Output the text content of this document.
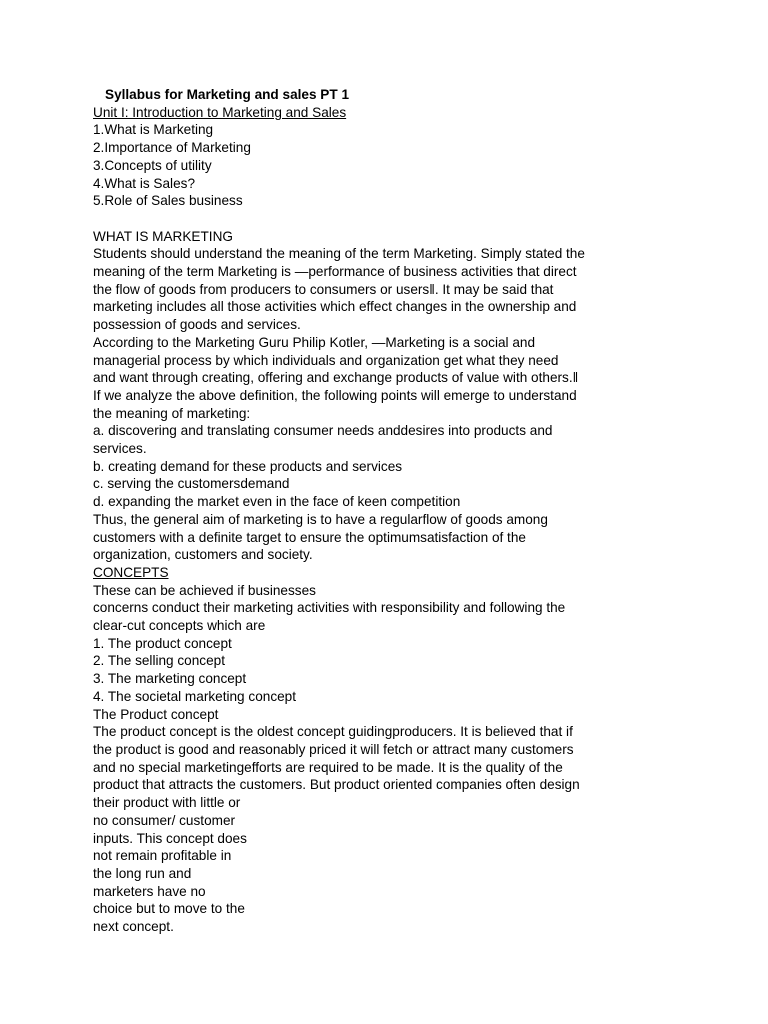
Syllabus for Marketing and sales PT 1

Unit I: Introduction to Marketing and Sales

1.What is Marketing

2.Importance of Marketing

3.Concepts of utility

4.What is Sales?

5.Role of Sales business

WHAT IS MARKETING

Students should understand the meaning of the term Marketing. Simply stated the

meaning of the term Marketing is ―performance of business activities that direct

the flow of goods from producers to consumers or users‖. It may be said that

marketing includes all those activities which effect changes in the ownership and

possession of goods and services.

According to the Marketing Guru Philip Kotler, ―Marketing is a social and

managerial process by which individuals and organization get what they need

and want through creating, offering and exchange products of value with others.‖

If we analyze the above definition, the following points will emerge to understand

the meaning of marketing:

a. discovering and translating consumer needs anddesires into products and

services.

b. creating demand for these products and services

c. serving the customersdemand

d. expanding the market even in the face of keen competition

Thus, the general aim of marketing is to have a regularflow of goods among

customers with a definite target to ensure the optimumsatisfaction of the

organization, customers and society.

CONCEPTS

These can be achieved if businesses

concerns conduct their marketing activities with responsibility and following the

clear-cut concepts which are

1. The product concept

2. The selling concept

3. The marketing concept

4. The societal marketing concept

The Product concept

The product concept is the oldest concept guidingproducers. It is believed that if

the product is good and reasonably priced it will fetch or attract many customers

and no special marketingefforts are required to be made. It is the quality of the

product that attracts the customers. But product oriented companies often design

their product with little or

no consumer/ customer

inputs. This concept does

not remain profitable in

the long run and

marketers have no

choice but to move to the

next concept.
